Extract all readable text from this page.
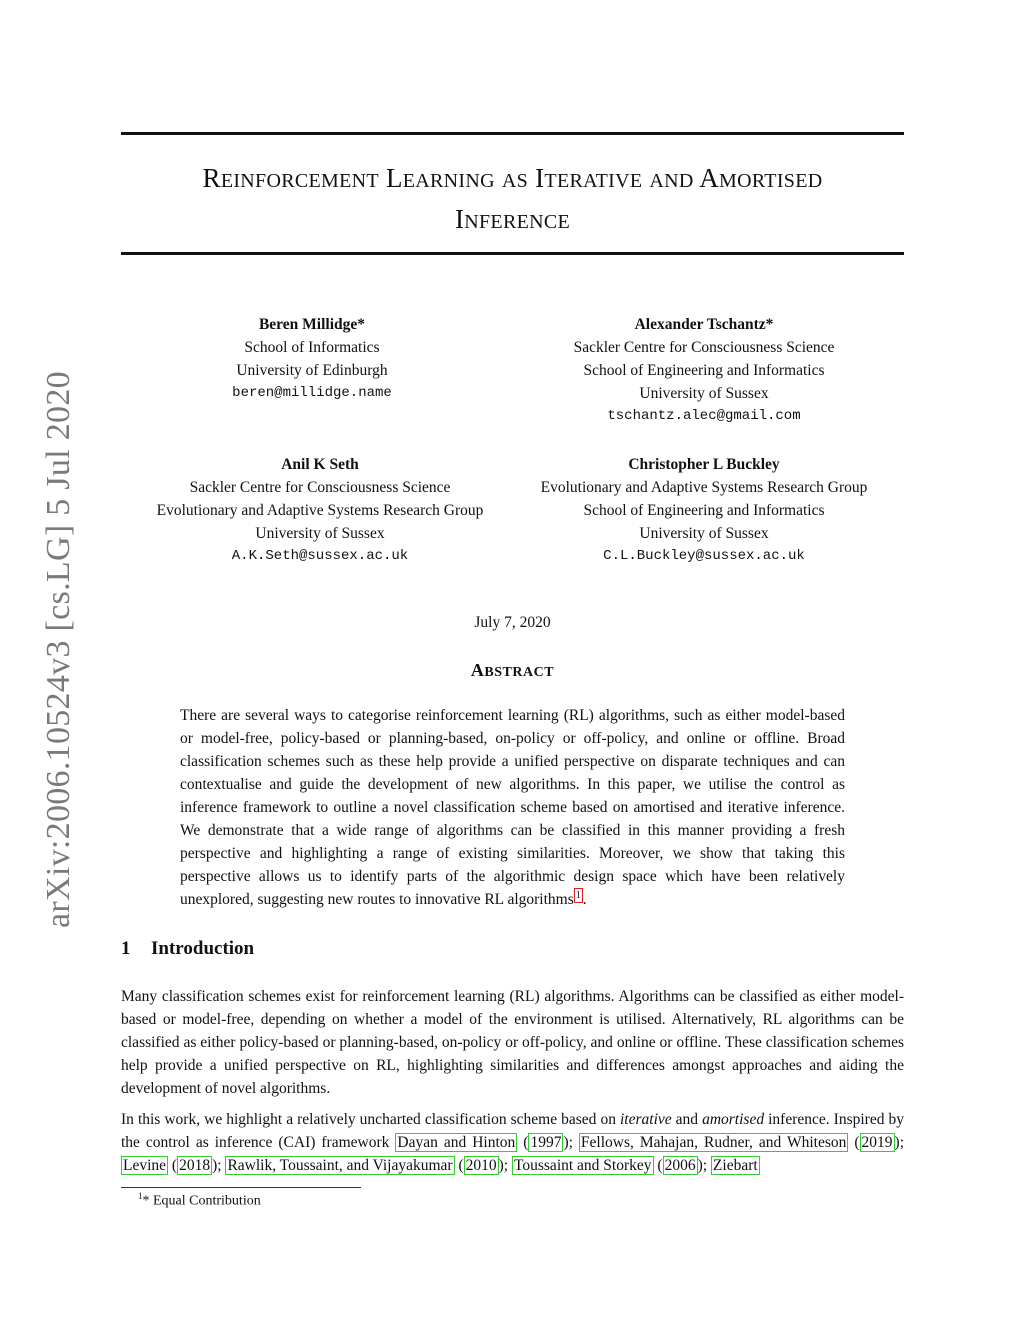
arXiv:2006.10524v3 [cs.LG] 5 Jul 2020
REINFORCEMENT LEARNING AS ITERATIVE AND AMORTISED
INFERENCE
Beren Millidge*
School of Informatics
University of Edinburgh
beren@millidge.name
Alexander Tschantz*
Sackler Centre for Consciousness Science
School of Engineering and Informatics
University of Sussex
tschantz.alec@gmail.com
Anil K Seth
Sackler Centre for Consciousness Science
Evolutionary and Adaptive Systems Research Group
University of Sussex
A.K.Seth@sussex.ac.uk
Christopher L Buckley
Evolutionary and Adaptive Systems Research Group
School of Engineering and Informatics
University of Sussex
C.L.Buckley@sussex.ac.uk
July 7, 2020
ABSTRACT
There are several ways to categorise reinforcement learning (RL) algorithms, such as either model-based or model-free, policy-based or planning-based, on-policy or off-policy, and online or offline. Broad classification schemes such as these help provide a unified perspective on disparate techniques and can contextualise and guide the development of new algorithms. In this paper, we utilise the control as inference framework to outline a novel classification scheme based on amortised and iterative inference. We demonstrate that a wide range of algorithms can be classified in this manner providing a fresh perspective and highlighting a range of existing similarities. Moreover, we show that taking this perspective allows us to identify parts of the algorithmic design space which have been relatively unexplored, suggesting new routes to innovative RL algorithms 1 .
1 Introduction

Many classification schemes exist for reinforcement learning (RL) algorithms. Algorithms can be classified as either model-based or model-free, depending on whether a model of the environment is utilised. Alternatively, RL algorithms can be classified as either policy-based or planning-based, on-policy or off-policy, and online or offline. These classification schemes help provide a unified perspective on RL, highlighting similarities and differences amongst approaches and aiding the development of novel algorithms.

In this work, we highlight a relatively uncharted classification scheme based on iterative and amortised inference. Inspired by the control as inference (CAI) framework Dayan and Hinton ( 1997 ); Fellows, Mahajan, Rudner, and Whiteson ( 2019 ); Levine ( 2018 ); Rawlik, Toussaint, and Vijayakumar ( 2010 ); Toussaint and Storkey ( 2006 ); Ziebart

$^1$* Equal Contribution
